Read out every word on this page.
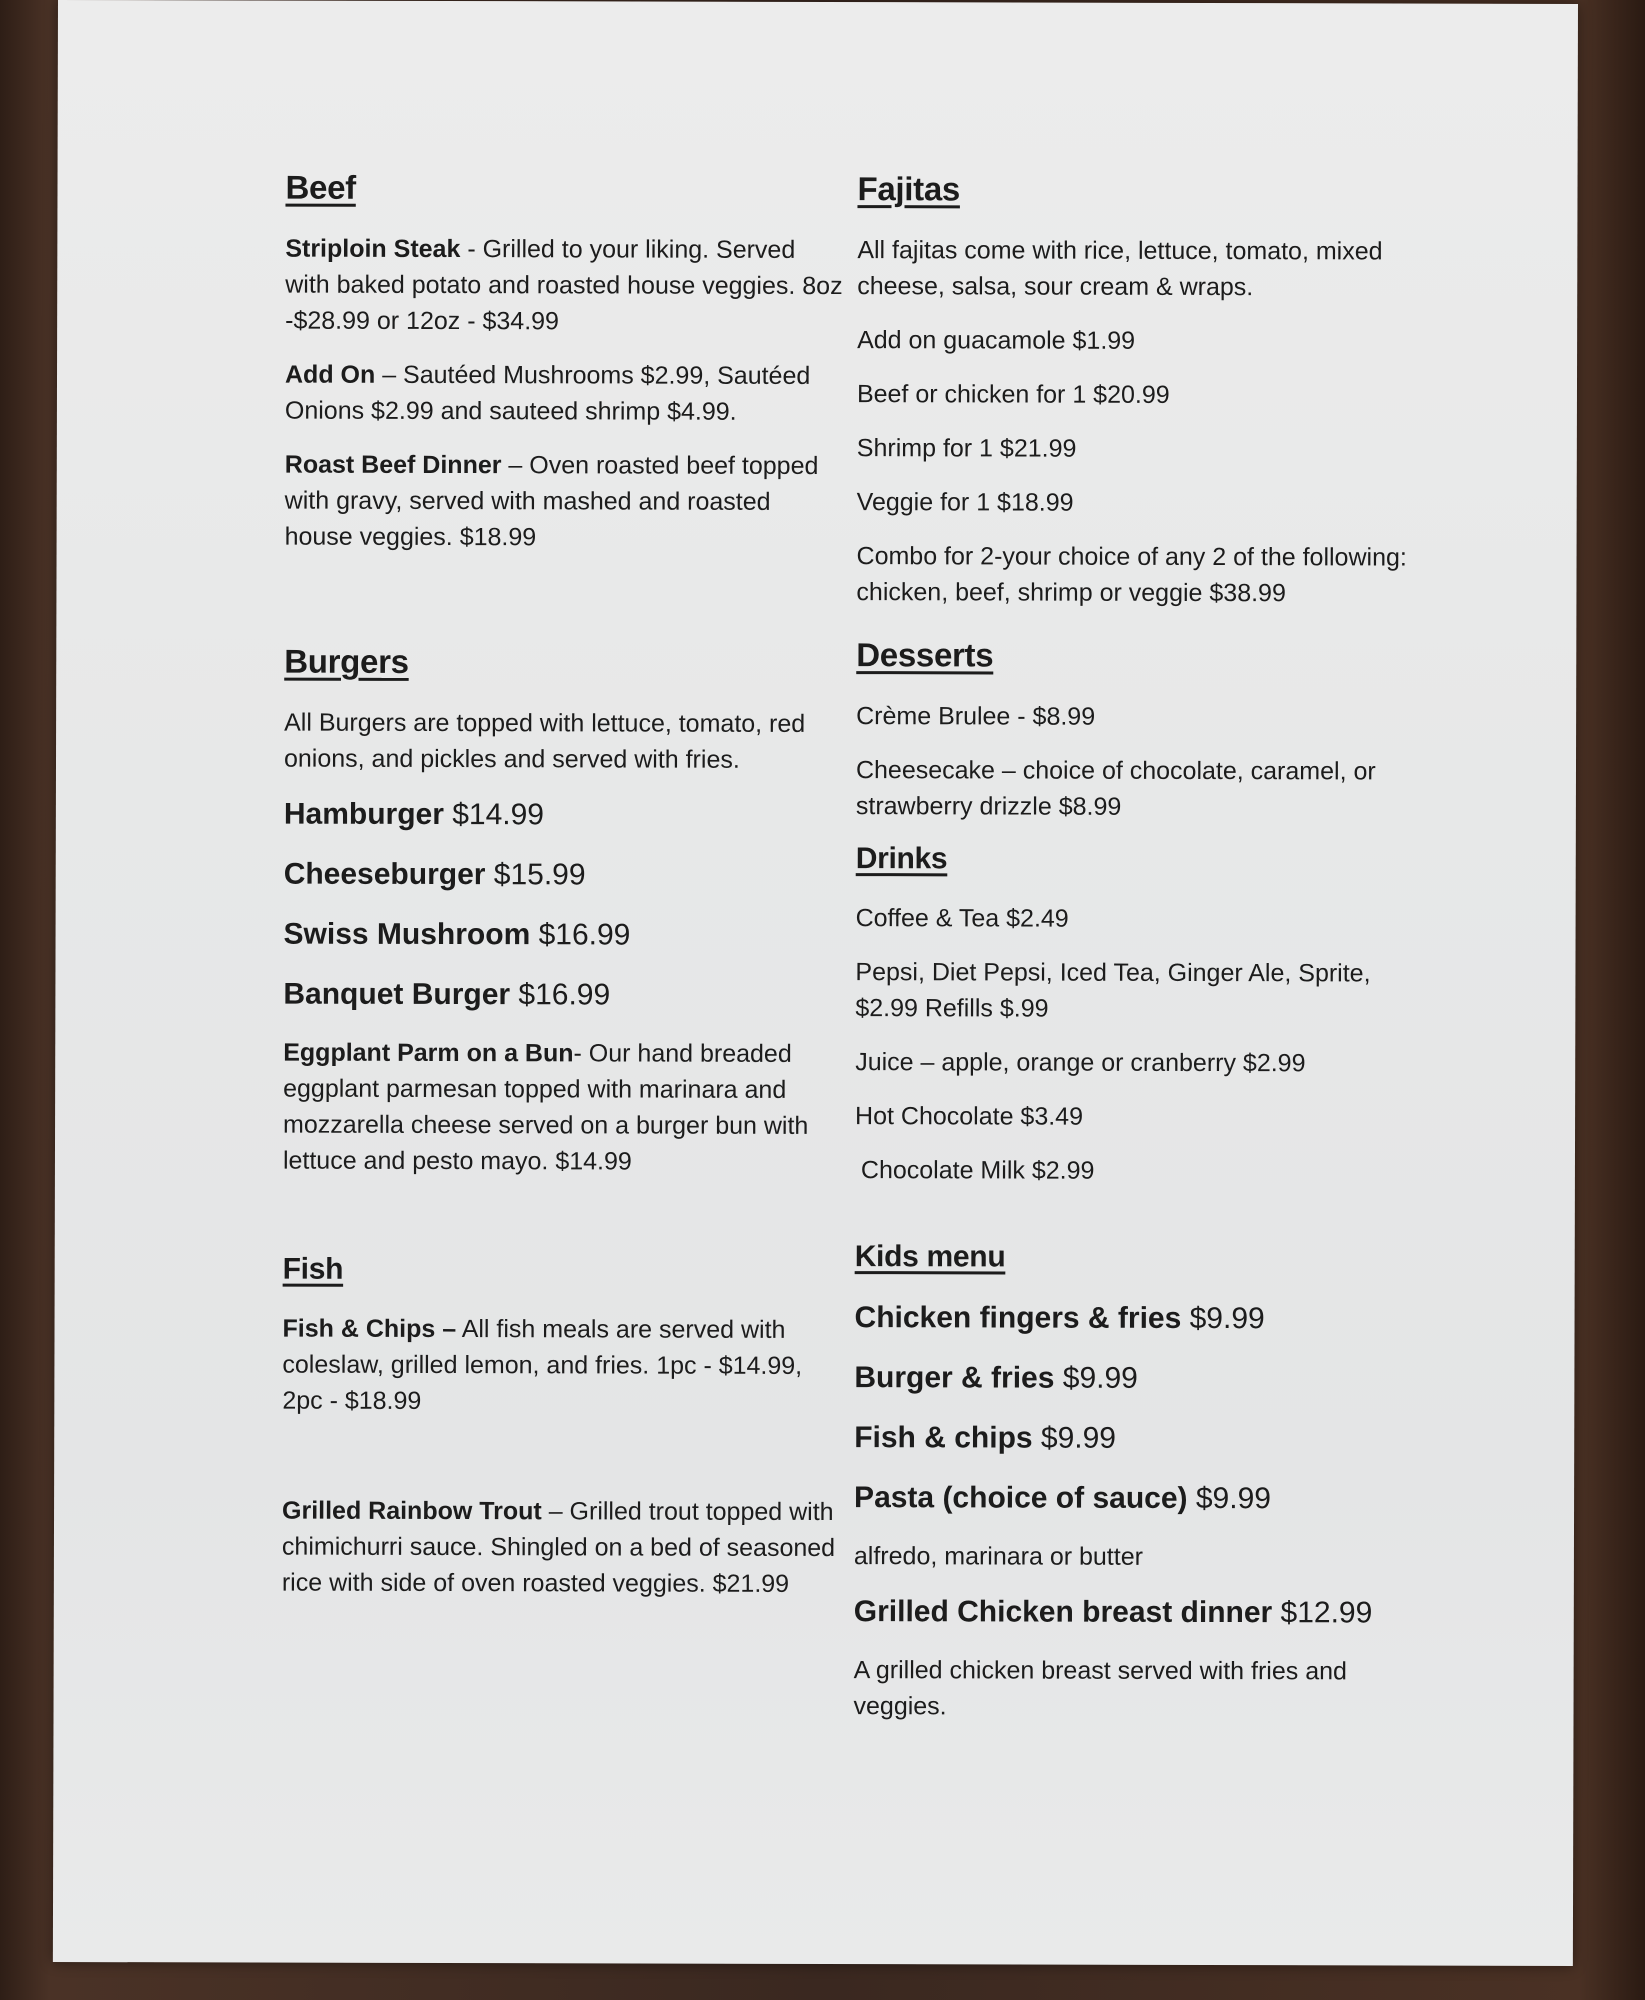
Beef

Striploin Steak - Grilled to your liking. Served with baked potato and roasted house veggies. 8oz -$28.99 or 12oz - $34.99

Add On – Sautéed Mushrooms $2.99, Sautéed Onions $2.99 and sauteed shrimp $4.99.

Roast Beef Dinner – Oven roasted beef topped with gravy, served with mashed and roasted house veggies. $18.99

Burgers

All Burgers are topped with lettuce, tomato, red onions, and pickles and served with fries.

Hamburger $14.99

Cheeseburger $15.99

Swiss Mushroom $16.99

Banquet Burger $16.99

Eggplant Parm on a Bun- Our hand breaded eggplant parmesan topped with marinara and mozzarella cheese served on a burger bun with lettuce and pesto mayo. $14.99

Fish

Fish & Chips – All fish meals are served with coleslaw, grilled lemon, and fries. 1pc - $14.99, 2pc - $18.99

Grilled Rainbow Trout – Grilled trout topped with chimichurri sauce. Shingled on a bed of seasoned rice with side of oven roasted veggies. $21.99

Fajitas

All fajitas come with rice, lettuce, tomato, mixed cheese, salsa, sour cream & wraps.

Add on guacamole $1.99

Beef or chicken for 1 $20.99

Shrimp for 1 $21.99

Veggie for 1 $18.99

Combo for 2-your choice of any 2 of the following: chicken, beef, shrimp or veggie $38.99

Desserts

Crème Brulee - $8.99

Cheesecake – choice of chocolate, caramel, or strawberry drizzle $8.99

Drinks

Coffee & Tea $2.49

Pepsi, Diet Pepsi, Iced Tea, Ginger Ale, Sprite, $2.99 Refills $.99

Juice – apple, orange or cranberry $2.99

Hot Chocolate $3.49

Chocolate Milk $2.99

Kids menu

Chicken fingers & fries $9.99

Burger & fries $9.99

Fish & chips $9.99

Pasta (choice of sauce) $9.99

alfredo, marinara or butter

Grilled Chicken breast dinner $12.99

A grilled chicken breast served with fries and veggies.
